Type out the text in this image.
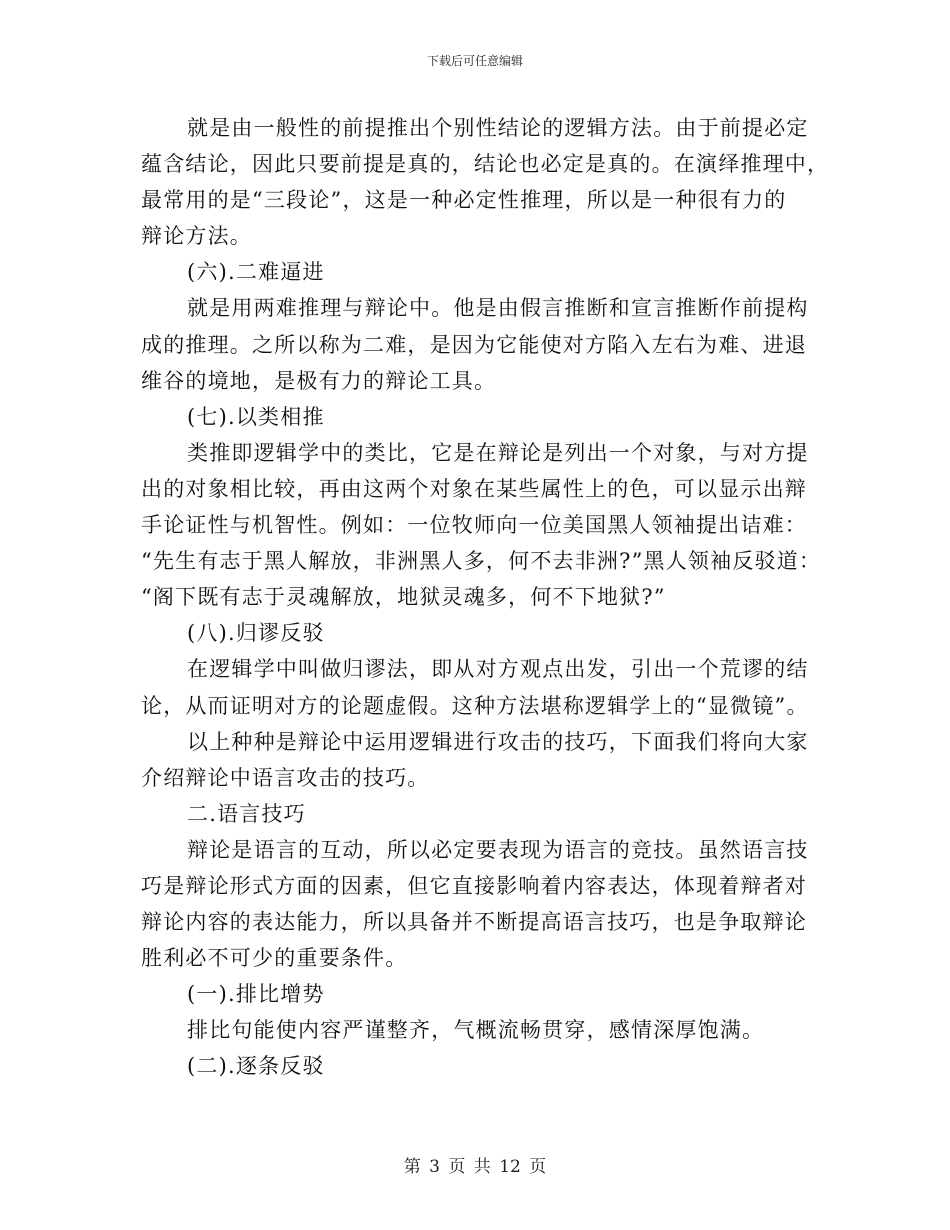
下载后可任意编辑

就是由一般性的前提推出个别性结论的逻辑方法。由于前提必定

蕴含结论，因此只要前提是真的，结论也必定是真的。在演绎推理中，

最常用的是“三段论”，这是一种必定性推理，所以是一种很有力的

辩论方法。

(六).二难逼进

就是用两难推理与辩论中。他是由假言推断和宣言推断作前提构

成的推理。之所以称为二难，是因为它能使对方陷入左右为难、进退

维谷的境地，是极有力的辩论工具。

(七).以类相推

类推即逻辑学中的类比，它是在辩论是列出一个对象，与对方提

出的对象相比较，再由这两个对象在某些属性上的色，可以显示出辩

手论证性与机智性。例如：一位牧师向一位美国黑人领袖提出诘难：

“先生有志于黑人解放，非洲黑人多，何不去非洲?”黑人领袖反驳道：

“阁下既有志于灵魂解放，地狱灵魂多，何不下地狱?”

(八).归谬反驳

在逻辑学中叫做归谬法，即从对方观点出发，引出一个荒谬的结

论，从而证明对方的论题虚假。这种方法堪称逻辑学上的“显微镜”。

以上种种是辩论中运用逻辑进行攻击的技巧，下面我们将向大家

介绍辩论中语言攻击的技巧。

二.语言技巧

辩论是语言的互动，所以必定要表现为语言的竞技。虽然语言技

巧是辩论形式方面的因素，但它直接影响着内容表达，体现着辩者对

辩论内容的表达能力，所以具备并不断提高语言技巧，也是争取辩论

胜利必不可少的重要条件。

(一).排比增势

排比句能使内容严谨整齐，气概流畅贯穿，感情深厚饱满。

(二).逐条反驳

第 3 页 共 12 页
